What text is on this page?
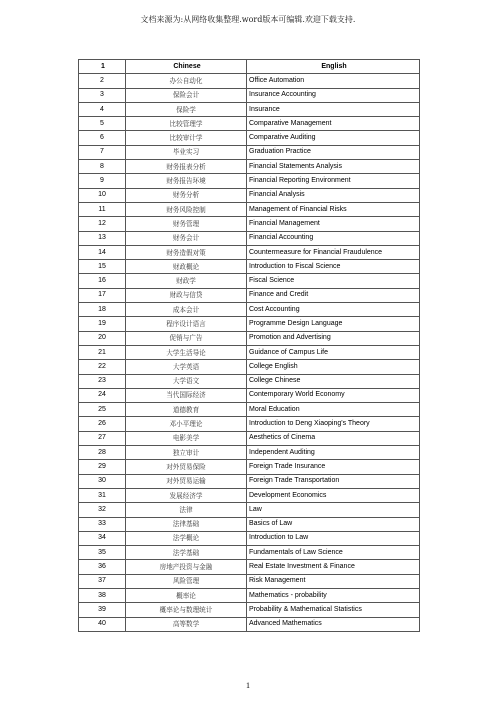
文档来源为:从网络收集整理.word版本可编辑.欢迎下载支持.
1	Chinese	English
2	办公自动化	Office Automation
3	保险会计	Insurance Accounting
4	保险学	Insurance
5	比较管理学	Comparative Management
6	比较审计学	Comparative Auditing
7	毕业实习	Graduation Practice
8	财务报表分析	Financial Statements Analysis
9	财务报告环境	Financial Reporting Environment
10	财务分析	Financial Analysis
11	财务风险控制	Management of Financial Risks
12	财务管理	Financial Management
13	财务会计	Financial Accounting
14	财务造假对策	Countermeasure for Financial Fraudulence
15	财政概论	Introduction to Fiscal Science
16	财政学	Fiscal Science
17	财政与信贷	Finance and Credit
18	成本会计	Cost Accounting
19	程序设计语言	Programme Design Language
20	促销与广告	Promotion and Advertising
21	大学生活导论	Guidance of Campus Life
22	大学英语	College English
23	大学语文	College Chinese
24	当代国际经济	Contemporary World Economy
25	道德教育	Moral Education
26	邓小平理论	Introduction to Deng Xiaoping's Theory
27	电影美学	Aesthetics of Cinema
28	独立审计	Independent Auditing
29	对外贸易保险	Foreign Trade Insurance
30	对外贸易运输	Foreign Trade Transportation
31	发展经济学	Development Economics
32	法律	Law
33	法律基础	Basics of Law
34	法学概论	Introduction to Law
35	法学基础	Fundamentals of Law Science
36	房地产投资与金融	Real Estate Investment & Finance
37	风险管理	Risk Management
38	概率论	Mathematics - probability
39	概率论与数理统计	Probability & Mathematical Statistics
40	高等数学	Advanced Mathematics
1
